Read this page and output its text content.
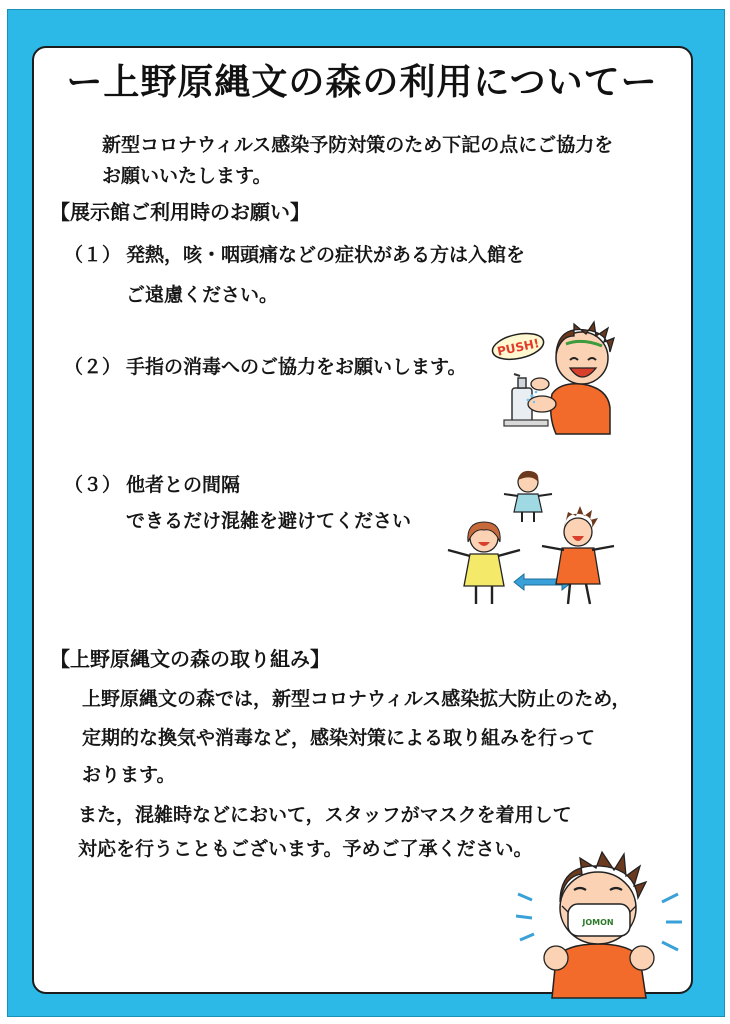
ー上野原縄文の森の利用についてー
新型コロナウィルス感染予防対策のため下記の点にご協力を
お願いいたします。
【展示館ご利用時のお願い】
（１） 発熱，咳・咽頭痛などの症状がある方は入館を
ご遠慮ください。
（２） 手指の消毒へのご協力をお願いします。
（３） 他者との間隔
できるだけ混雑を避けてください
【上野原縄文の森の取り組み】
上野原縄文の森では，新型コロナウィルス感染拡大防止のため，
定期的な換気や消毒など，感染対策による取り組みを行って
おります。
また，混雑時などにおいて，スタッフがマスクを着用して
対応を行うこともございます。予めご了承ください。
PUSH!
JOMON
